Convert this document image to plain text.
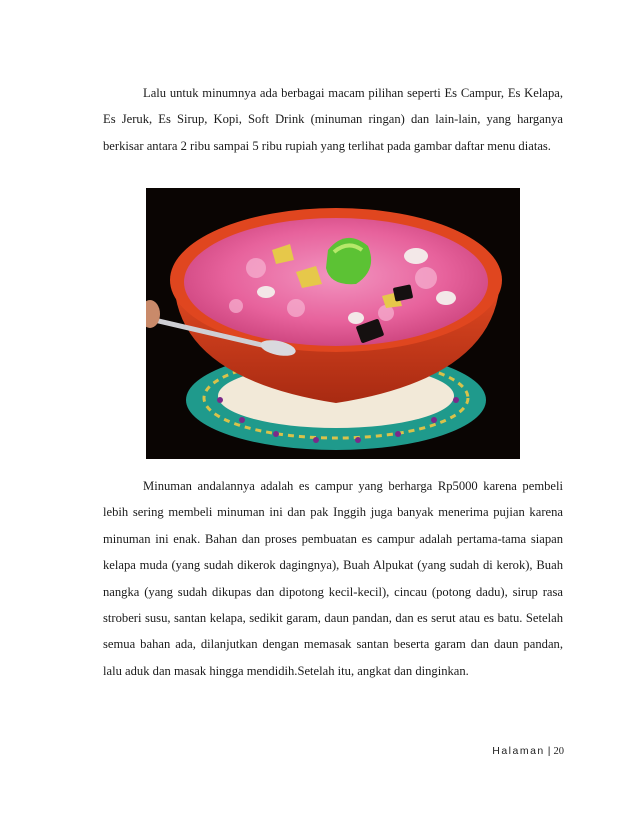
Lalu untuk minumnya ada berbagai macam pilihan seperti Es Campur, Es Kelapa, Es Jeruk, Es Sirup, Kopi, Soft Drink (minuman ringan) dan lain-lain, yang harganya berkisar antara 2 ribu sampai 5 ribu rupiah yang terlihat pada gambar daftar menu diatas.

Minuman andalannya adalah es campur yang berharga Rp5000 karena pembeli lebih sering membeli minuman ini dan pak Inggih juga banyak menerima pujian karena minuman ini enak. Bahan dan proses pembuatan es campur adalah pertama-tama siapan kelapa muda (yang sudah dikerok dagingnya), Buah Alpukat (yang sudah di kerok), Buah nangka (yang sudah dikupas dan dipotong kecil-kecil), cincau (potong dadu), sirup rasa stroberi susu, santan kelapa, sedikit garam, daun pandan, dan es serut atau es batu. Setelah semua bahan ada, dilanjutkan dengan memasak santan beserta garam dan daun pandan, lalu aduk dan masak hingga mendidih.Setelah itu, angkat dan dinginkan.

Halaman | 20
